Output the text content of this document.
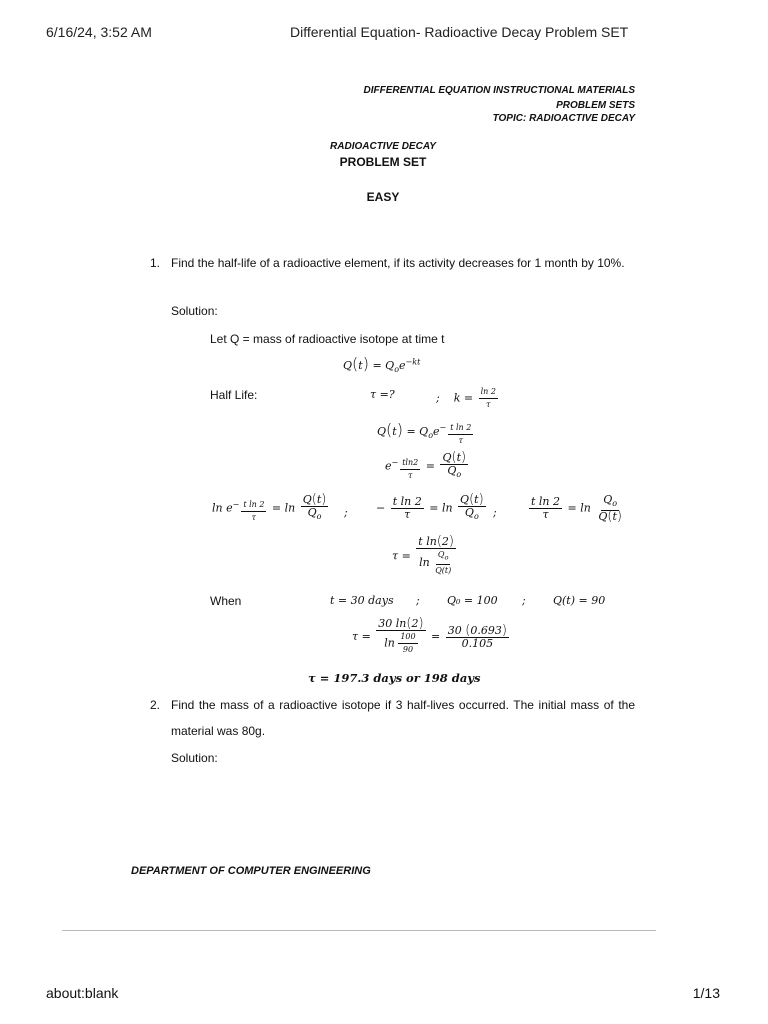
6/16/24, 3:52 AM	Differential Equation- Radioactive Decay Problem SET
DIFFERENTIAL EQUATION INSTRUCTIONAL MATERIALS
PROBLEM SETS
TOPIC: RADIOACTIVE DECAY
RADIOACTIVE DECAY
PROBLEM SET
EASY
1. Find the half-life of a radioactive element, if its activity decreases for 1 month by 10%.
Solution:
Let Q = mass of radioactive isotope at time t
$Q(t) = Q_oe^{-kt}$
Half Life:	τ =?	;    $k = \frac{\ln 2}{\tau}$
$Q(t) = Q_oe^{- \frac{\text{t ln 2}}{\tau}}$
$e^{- \frac{tln2}{\tau}} = \frac{Q(t)}{Q_o}$
$\ln e^{- \frac{\text{t ln 2}}{\tau}} = \ln \frac{Q(t)}{Q_o}$ ;	− $\frac{\text{t ln 2}}{\tau} = \ln \frac{Q(t)}{Q_o}$ ;	$\frac{\text{t ln 2}}{\tau} = \ln \frac{Q_o}{Q(t)}$
$\tau = \frac{\text{t ln(2)}}{\ln \frac{Q_o}{Q(t)}}$
When	t = 30 days ; Q₀ = 100 ; Q(t) = 90
$\tau = \frac{30 \ln(2)}{\ln \frac{100}{90}} = \frac{30 (0.693)}{0.105}$
τ = 197.3 days or 198 days
2. Find the mass of a radioactive isotope if 3 half-lives occurred. The initial mass of the material was 80g.
Solution:
DEPARTMENT OF COMPUTER ENGINEERING
about:blank	1/13
